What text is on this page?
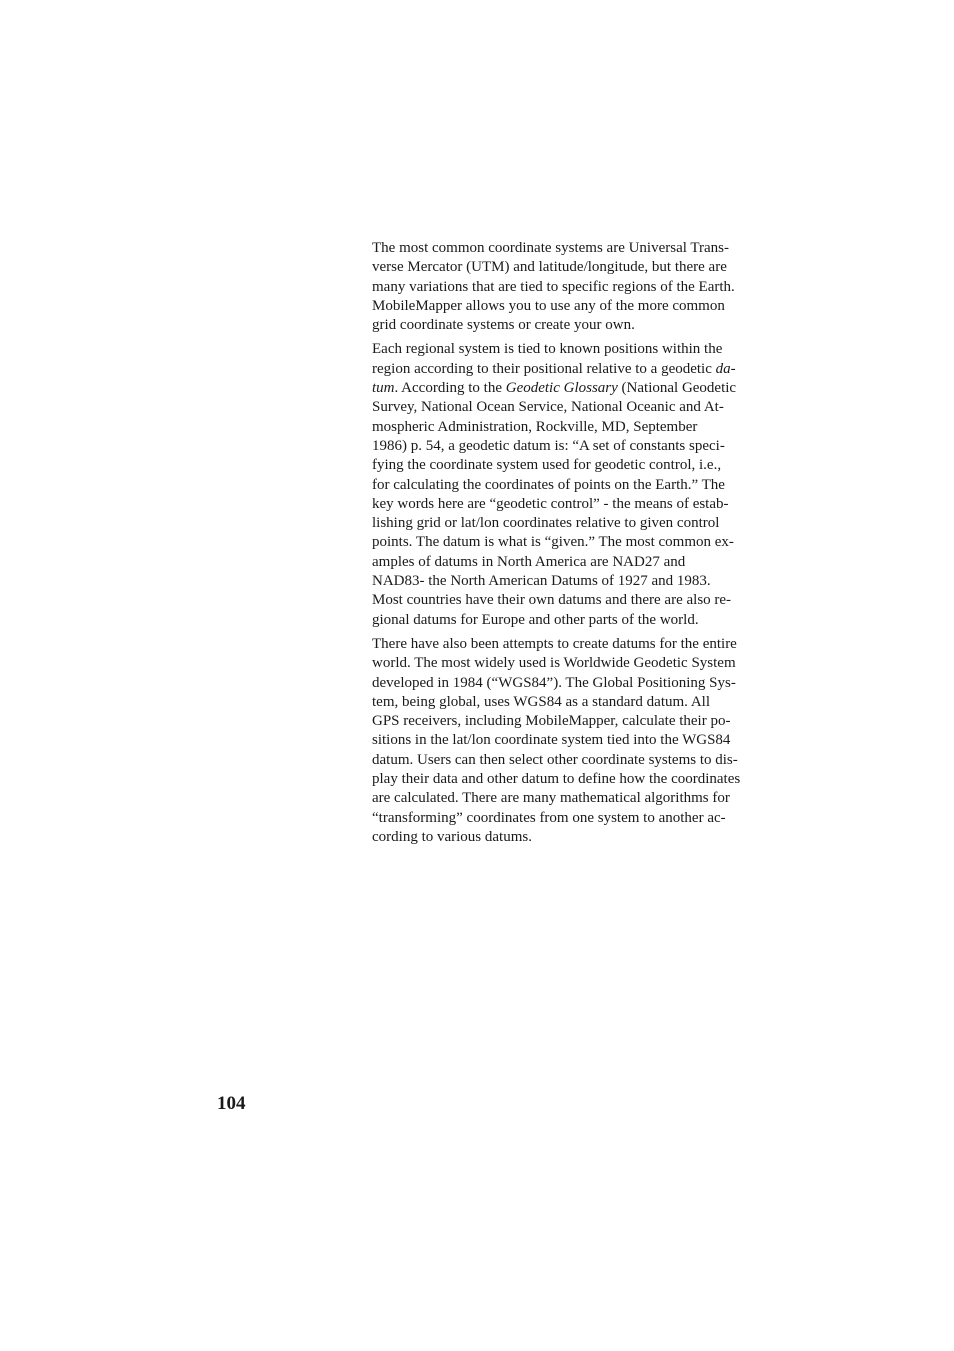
The most common coordinate systems are Universal Trans-
verse Mercator (UTM) and latitude/longitude, but there are
many variations that are tied to specific regions of the Earth.
MobileMapper allows you to use any of the more common
grid coordinate systems or create your own.
Each regional system is tied to known positions within the
region according to their positional relative to a geodetic da-
tum. According to the Geodetic Glossary (National Geodetic
Survey, National Ocean Service, National Oceanic and At-
mospheric Administration, Rockville, MD, September
1986) p. 54, a geodetic datum is: “A set of constants speci-
fying the coordinate system used for geodetic control, i.e.,
for calculating the coordinates of points on the Earth.” The
key words here are “geodetic control” - the means of estab-
lishing grid or lat/lon coordinates relative to given control
points. The datum is what is “given.” The most common ex-
amples of datums in North America are NAD27 and
NAD83- the North American Datums of 1927 and 1983.
Most countries have their own datums and there are also re-
gional datums for Europe and other parts of the world.
There have also been attempts to create datums for the entire
world. The most widely used is Worldwide Geodetic System
developed in 1984 (“WGS84”). The Global Positioning Sys-
tem, being global, uses WGS84 as a standard datum. All
GPS receivers, including MobileMapper, calculate their po-
sitions in the lat/lon coordinate system tied into the WGS84
datum. Users can then select other coordinate systems to dis-
play their data and other datum to define how the coordinates
are calculated. There are many mathematical algorithms for
“transforming” coordinates from one system to another ac-
cording to various datums.
104
